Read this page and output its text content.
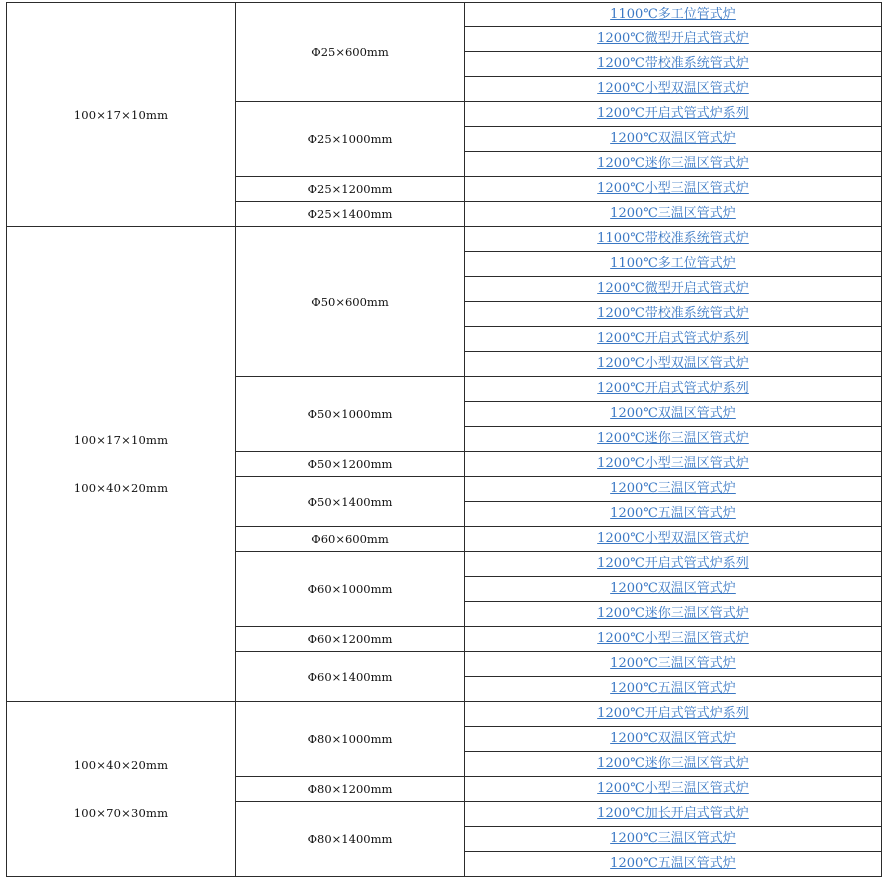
100×17×10mm
100×17×10mm
100×40×20mm
100×40×20mm
100×70×30mm
Φ25×600mm
Φ25×1000mm
Φ25×1200mm
Φ25×1400mm
Φ50×600mm
Φ50×1000mm
Φ50×1200mm
Φ50×1400mm
Φ60×600mm
Φ60×1000mm
Φ60×1200mm
Φ60×1400mm
Φ80×1000mm
Φ80×1200mm
Φ80×1400mm
1100℃多工位管式炉
1200℃微型开启式管式炉
1200℃带校准系统管式炉
1200℃小型双温区管式炉
1200℃开启式管式炉系列
1200℃双温区管式炉
1200℃迷你三温区管式炉
1200℃小型三温区管式炉
1200℃三温区管式炉
1100℃带校准系统管式炉
1100℃多工位管式炉
1200℃微型开启式管式炉
1200℃带校准系统管式炉
1200℃开启式管式炉系列
1200℃小型双温区管式炉
1200℃开启式管式炉系列
1200℃双温区管式炉
1200℃迷你三温区管式炉
1200℃小型三温区管式炉
1200℃三温区管式炉
1200℃五温区管式炉
1200℃小型双温区管式炉
1200℃开启式管式炉系列
1200℃双温区管式炉
1200℃迷你三温区管式炉
1200℃小型三温区管式炉
1200℃三温区管式炉
1200℃五温区管式炉
1200℃开启式管式炉系列
1200℃双温区管式炉
1200℃迷你三温区管式炉
1200℃小型三温区管式炉
1200℃加长开启式管式炉
1200℃三温区管式炉
1200℃五温区管式炉
